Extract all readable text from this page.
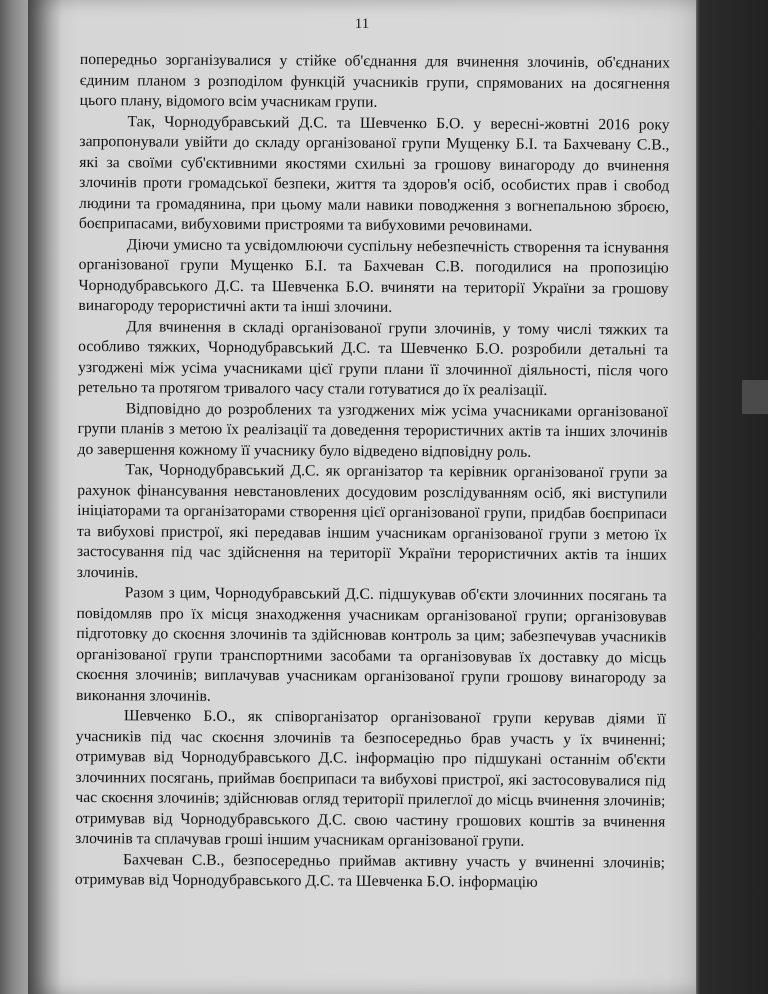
11

попередньо зорганізувалися у стійке об'єднання для вчинення злочинів, об'єднаних єдиним планом з розподілом функцій учасників групи, спрямованих на досягнення цього плану, відомого всім учасникам групи.

Так, Чорнодубравський Д.С. та Шевченко Б.О. у вересні-жовтні 2016 року запропонували увійти до складу організованої групи Мущенку Б.І. та Бахчевану С.В., які за своїми суб'єктивними якостями схильні за грошову винагороду до вчинення злочинів проти громадської безпеки, життя та здоров'я осіб, особистих прав і свобод людини та громадянина, при цьому мали навики поводження з вогнепальною зброєю, боєприпасами, вибуховими пристроями та вибуховими речовинами.

Діючи умисно та усвідомлюючи суспільну небезпечність створення та існування організованої групи Мущенко Б.І. та Бахчеван С.В. погодилися на пропозицію Чорнодубравського Д.С. та Шевченка Б.О. вчиняти на території України за грошову винагороду терористичні акти та інші злочини.

Для вчинення в складі організованої групи злочинів, у тому числі тяжких та особливо тяжких, Чорнодубравський Д.С. та Шевченко Б.О. розробили детальні та узгоджені між усіма учасниками цієї групи плани її злочинної діяльності, після чого ретельно та протягом тривалого часу стали готуватися до їх реалізації.

Відповідно до розроблених та узгоджених між усіма учасниками організованої групи планів з метою їх реалізації та доведення терористичних актів та інших злочинів до завершення кожному її учаснику було відведено відповідну роль.

Так, Чорнодубравський Д.С. як організатор та керівник організованої групи за рахунок фінансування невстановлених досудовим розслідуванням осіб, які виступили ініціаторами та організаторами створення цієї організованої групи, придбав боєприпаси та вибухові пристрої, які передавав іншим учасникам організованої групи з метою їх застосування під час здійснення на території України терористичних актів та інших злочинів.

Разом з цим, Чорнодубравський Д.С. підшукував об'єкти злочинних посягань та повідомляв про їх місця знаходження учасникам організованої групи; організовував підготовку до скоєння злочинів та здійснював контроль за цим; забезпечував учасників організованої групи транспортними засобами та організовував їх доставку до місць скоєння злочинів; виплачував учасникам організованої групи грошову винагороду за виконання злочинів.

Шевченко Б.О., як співорганізатор організованої групи керував діями її учасників під час скоєння злочинів та безпосередньо брав участь у їх вчиненні; отримував від Чорнодубравського Д.С. інформацію про підшукані останнім об'єкти злочинних посягань, приймав боєприпаси та вибухові пристрої, які застосовувалися під час скоєння злочинів; здійснював огляд території прилеглої до місць вчинення злочинів; отримував від Чорнодубравського Д.С. свою частину грошових коштів за вчинення злочинів та сплачував гроші іншим учасникам організованої групи.

Бахчеван С.В., безпосередньо приймав активну участь у вчиненні злочинів; отримував від Чорнодубравського Д.С. та Шевченка Б.О. інформацію
